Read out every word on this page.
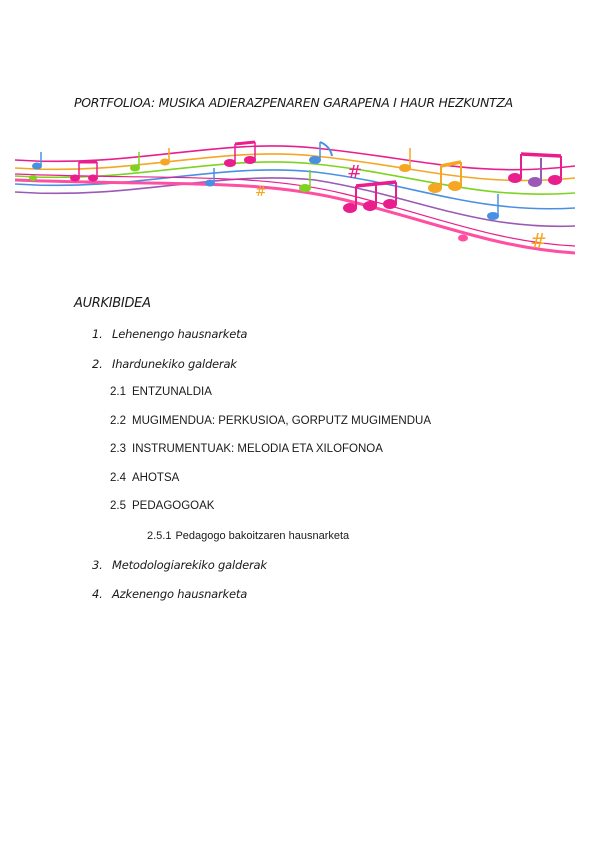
PORTFOLIOA: MUSIKA ADIERAZPENAREN GARAPENA I HAUR HEZKUNTZA
#
#
#
AURKIBIDEA
1. Lehenengo hausnarketa
2. Ihardunekiko galderak
2.1 ENTZUNALDIA
2.2 MUGIMENDUA: PERKUSIOA, GORPUTZ MUGIMENDUA
2.3 INSTRUMENTUAK: MELODIA ETA XILOFONOA
2.4 AHOTSA
2.5 PEDAGOGOAK
2.5.1 Pedagogo bakoitzaren hausnarketa
3. Metodologiarekiko galderak
4. Azkenengo hausnarketa
